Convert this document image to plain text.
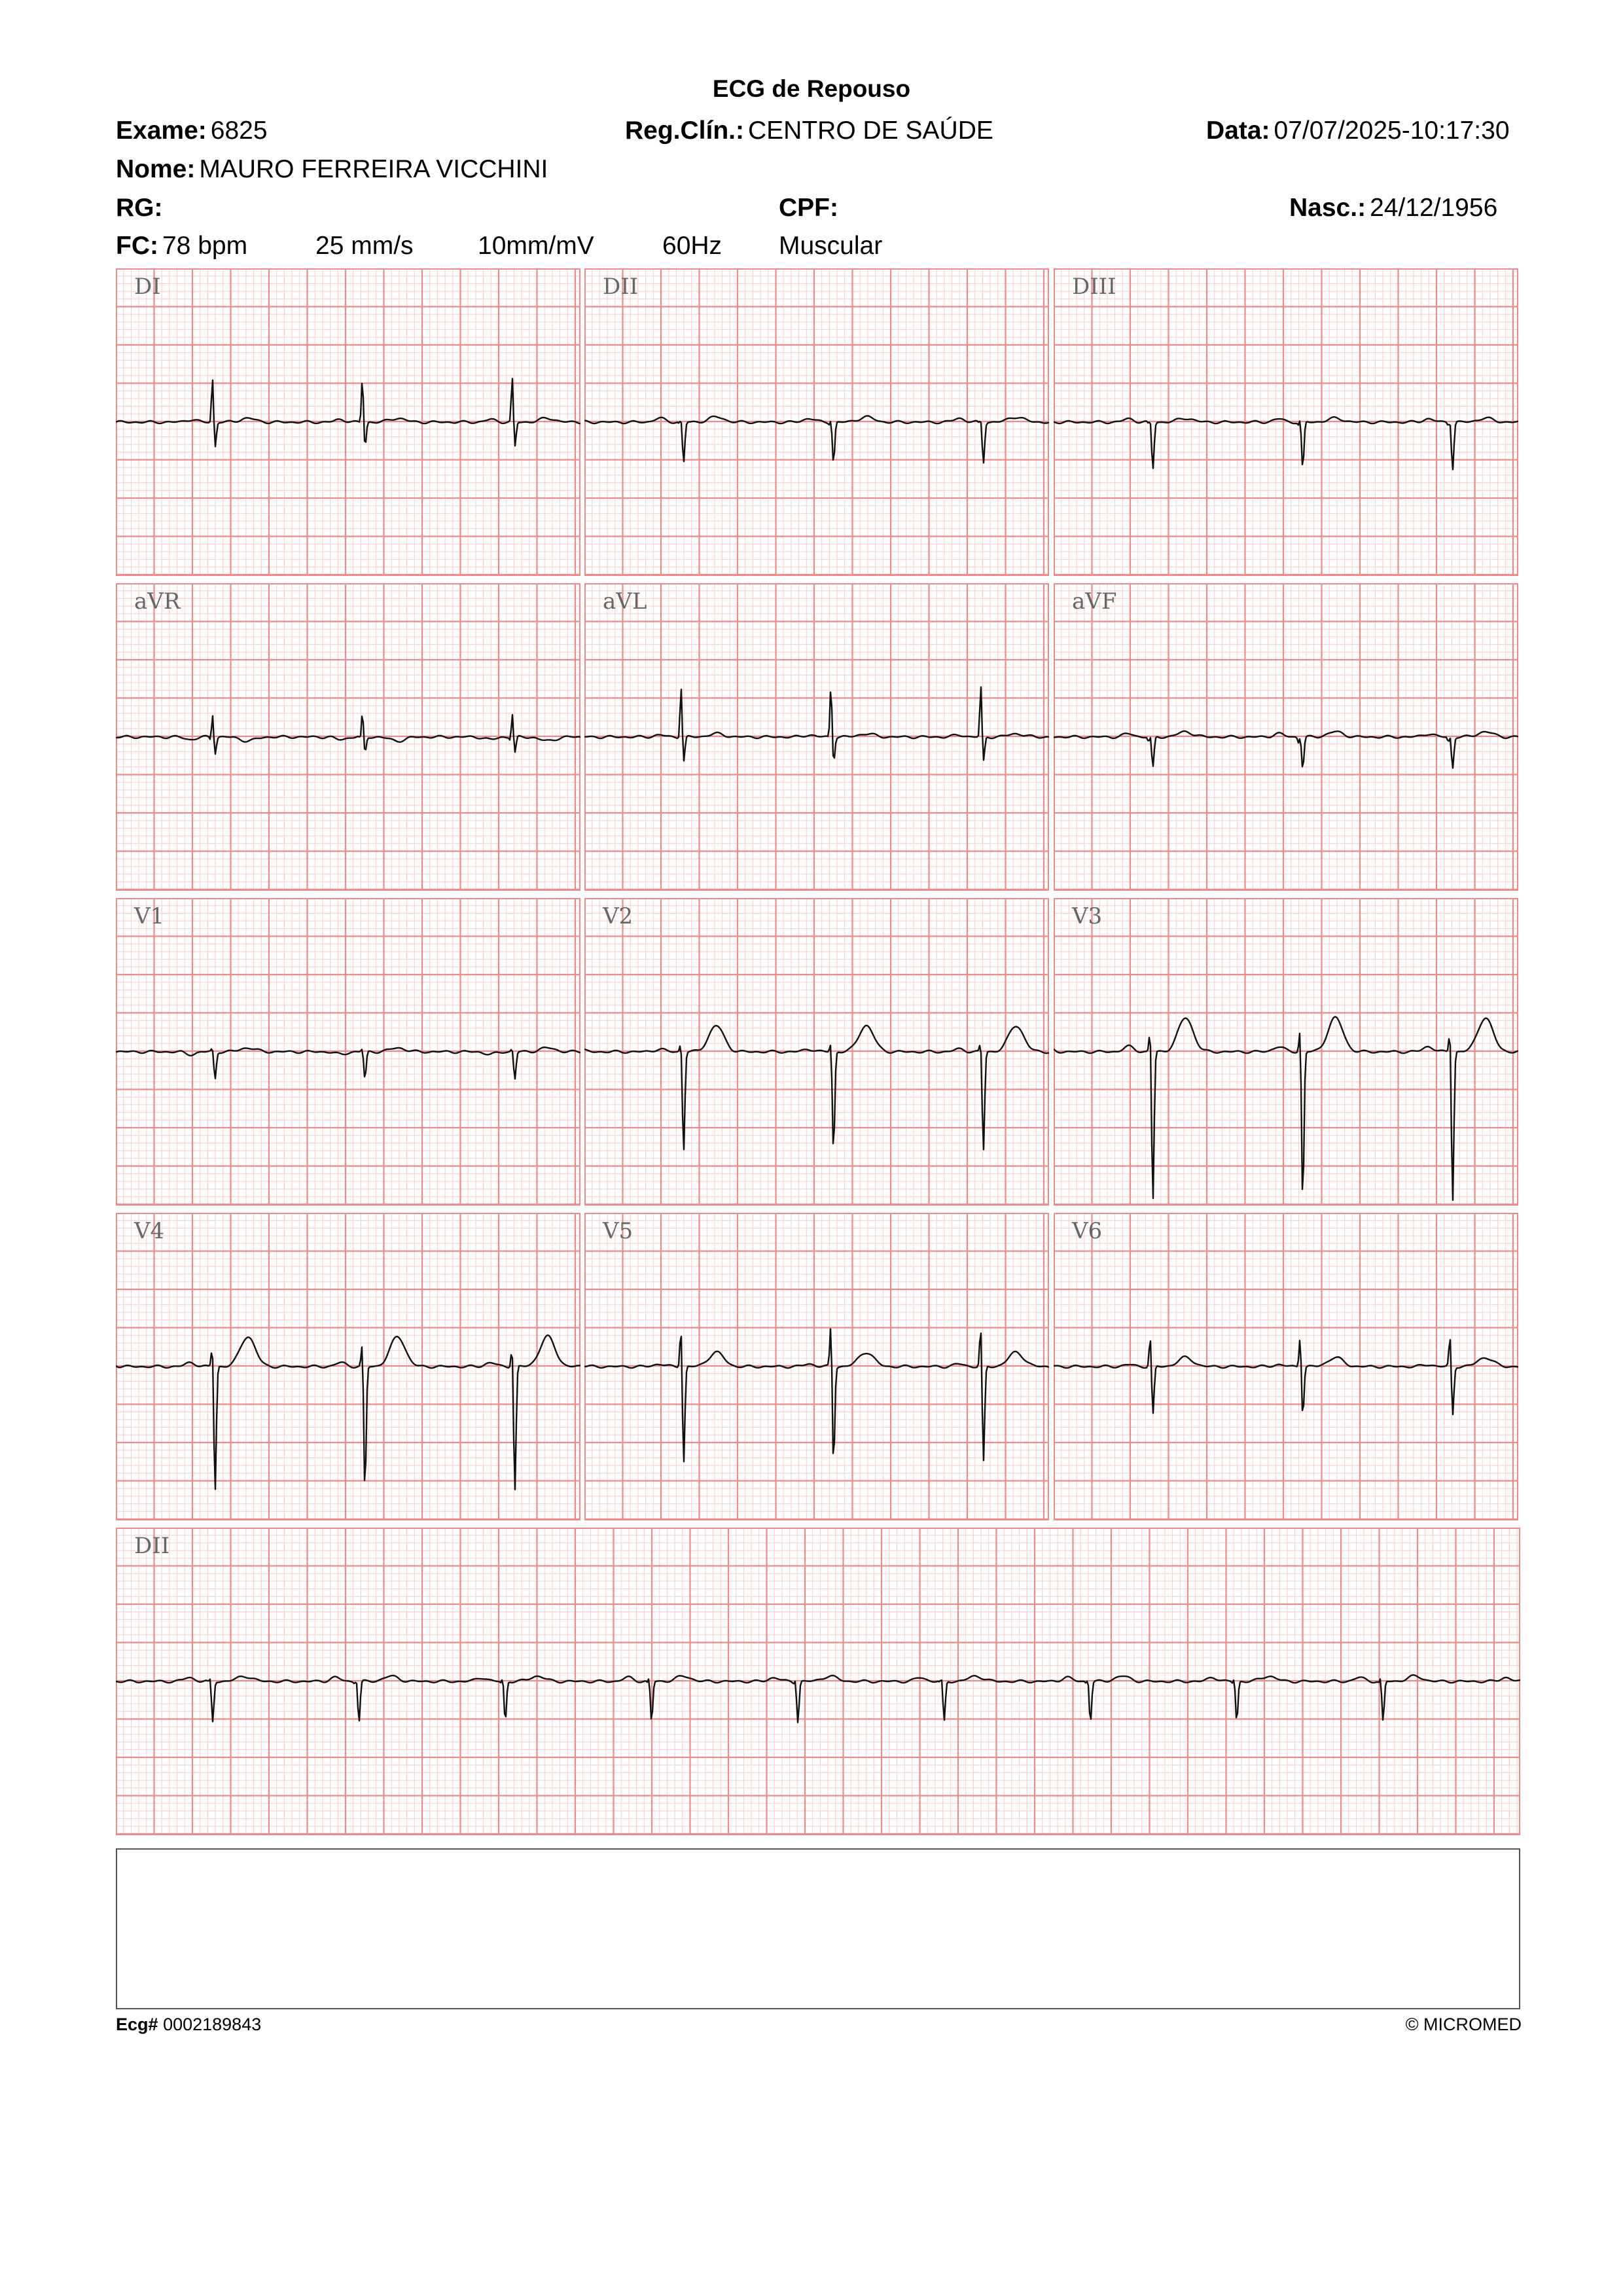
ECG de Repouso
Exame: 6825	Reg.Clín.: CENTRO DE SAÚDE	Data: 07/07/2025-10:17:30
Nome: MAURO FERREIRA VICCHINI
RG:	CPF:	Nasc.: 24/12/1956
FC: 78 bpm	25 mm/s	10mm/mV	60Hz Muscular
DI	DII	DIII
aVR	aVL	aVF
V1	V2	V3
V4	V5	V6
DII
Ecg# 0002189843	© MICROMED
